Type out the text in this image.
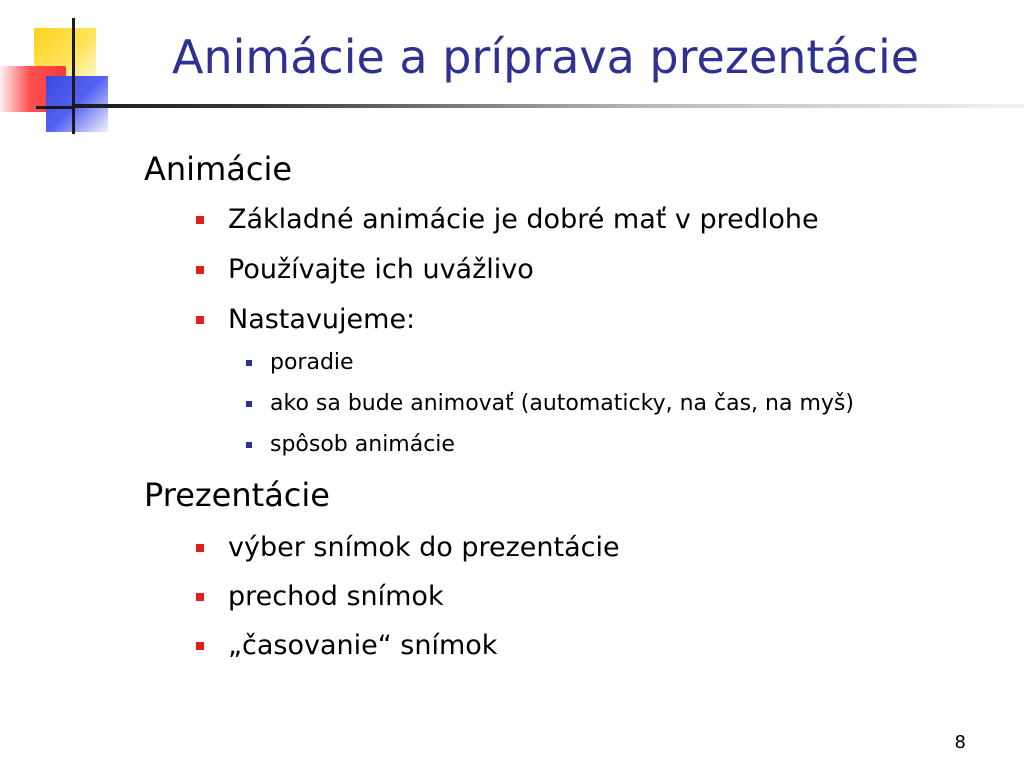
Animácie a príprava prezentácie
Animácie
Základné animácie je dobré mať v predlohe
Používajte ich uvážlivo
Nastavujeme:
poradie
ako sa bude animovať (automaticky, na čas, na myš)
spôsob animácie
Prezentácie
výber snímok do prezentácie
prechod snímok
„časovanie“ snímok
8
